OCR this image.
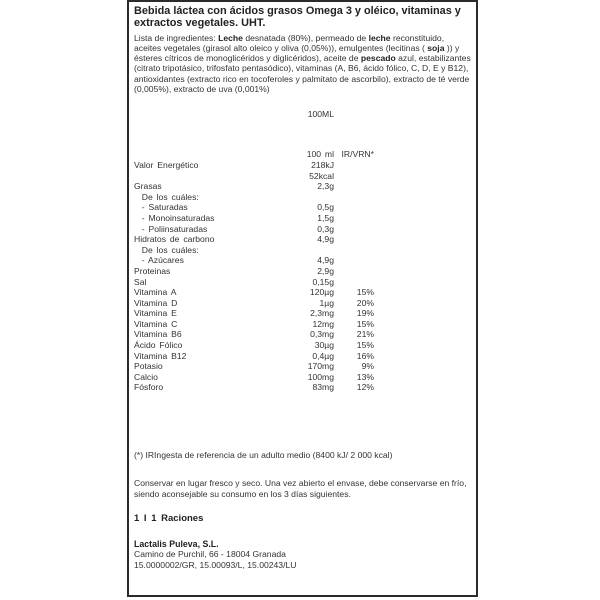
Bebida láctea con ácidos grasos Omega 3 y oléico, vitaminas y extractos vegetales. UHT.
Lista de ingredientes: Leche desnatada (80%), permeado de leche reconstituido, aceites vegetales (girasol alto oleico y oliva (0,05%)), emulgentes (lecitinas ( soja )) y ésteres cítricos de monoglicéridos y diglicéridos), aceite de pescado azul, estabilizantes (citrato tripotásico, trifosfato pentasódico), vitaminas (A, B6, ácido fólico, C, D, E y B12), antioxidantes (extracto rico en tocoferoles y palmitato de ascorbilo), extracto de té verde (0,005%), extracto de uva (0,001%)
100ML
100 ml IR/VRN*
Valor Energético	218kJ
52kcal
Grasas	2,3g
De los cuáles:
- Saturadas	0,5g
- Monoinsaturadas	1,5g
- Poliinsaturadas	0,3g
Hidratos de carbono	4,9g
De los cuáles:
- Azúcares	4,9g
Proteinas	2,9g
Sal	0,15g
Vitamina A	120µg	15%
Vitamina D	1µg	20%
Vitamina E	2,3mg	19%
Vitamina C	12mg	15%
Vitamina B6	0,3mg	21%
Ácido Fólico	30µg	15%
Vitamina B12	0,4µg	16%
Potasio	170mg	9%
Calcio	100mg	13%
Fósforo	83mg	12%
(*) IRIngesta de referencia de un adulto medio (8400 kJ/ 2 000 kcal)
Conservar en lugar fresco y seco. Una vez abierto el envase, debe conservarse en frío, siendo aconsejable su consumo en los 3 días siguientes.
1 I 1 Raciones
Lactalis Puleva, S.L.
Camino de Purchil, 66 - 18004 Granada
15.0000002/GR, 15.00093/L, 15.00243/LU
